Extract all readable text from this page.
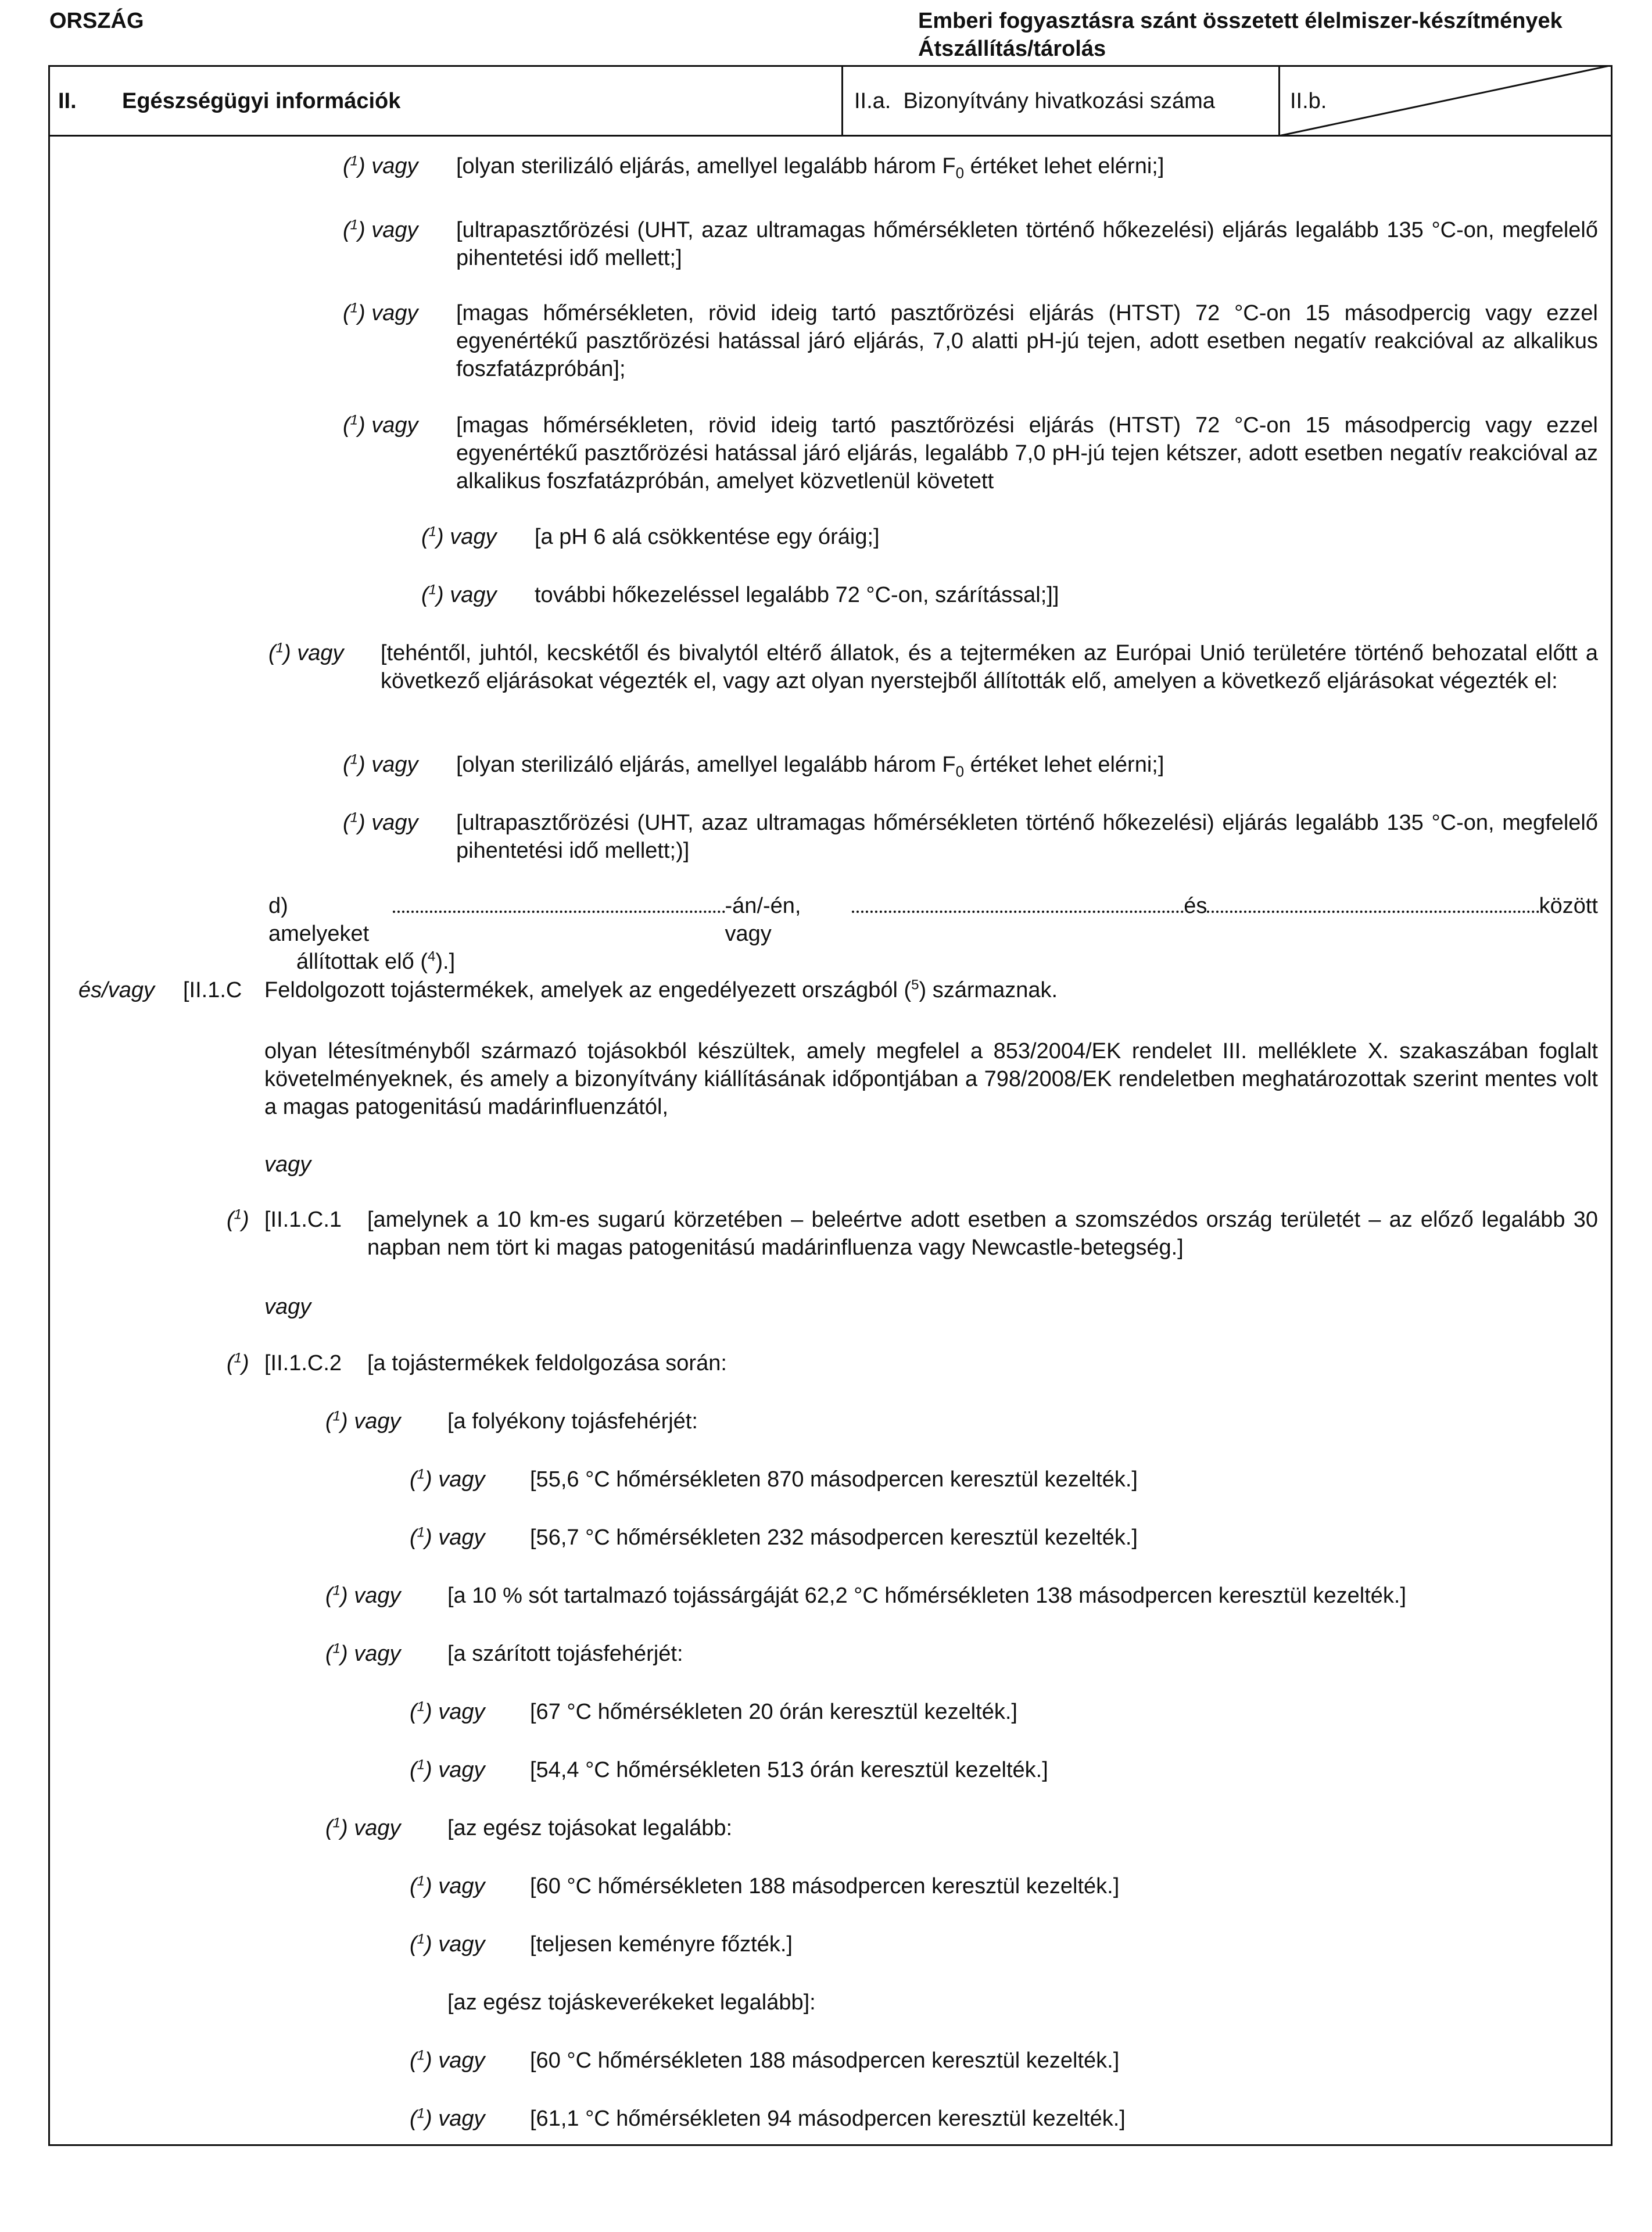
ORSZÁG	Emberi fogyasztásra szánt összetett élelmiszer-készítmények
Átszállítás/tárolás
II. Egészségügyi információk	II.a.  Bizonyítvány hivatkozási száma	II.b.
($^1$) vagy [olyan sterilizáló eljárás, amellyel legalább három $F_0$ értéket lehet elérni;]
($^1$) vagy [ultrapasztőrözési (UHT, azaz ultramagas hőmérsékleten történő hőkezelési) eljárás legalább 135 °C-on, megfelelő pihentetési idő mellett;]
($^1$) vagy [magas hőmérsékleten, rövid ideig tartó pasztőrözési eljárás (HTST) 72 °C-on 15 másodpercig vagy ezzel egyenértékű pasztőrözési hatással járó eljárás, 7,0 alatti pH-jú tejen, adott esetben negatív reakcióval az alkalikus foszfatázpróbán];
($^1$) vagy [magas hőmérsékleten, rövid ideig tartó pasztőrözési eljárás (HTST) 72 °C-on 15 másodpercig vagy ezzel egyenértékű pasztőrözési hatással járó eljárás, legalább 7,0 pH-jú tejen kétszer, adott esetben negatív reakcióval az alkalikus foszfatázpróbán, amelyet közvetlenül követett
($^1$) vagy [a pH 6 alá csökkentése egy óráig;]
($^1$) vagy további hőkezeléssel legalább 72 °C-on, szárítással;]]
($^1$) vagy [tehéntől, juhtól, kecskétől és bivalytól eltérő állatok, és a tejterméken az Európai Unió területére történő behozatal előtt a következő eljárásokat végezték el, vagy azt olyan nyerstejből állították elő, amelyen a következő eljárásokat végezték el:
($^1$) vagy [olyan sterilizáló eljárás, amellyel legalább három $F_0$ értéket lehet elérni;]
($^1$) vagy [ultrapasztőrözési (UHT, azaz ultramagas hőmérsékleten történő hőkezelési) eljárás legalább 135 °C-on, megfelelő pihentetési idő mellett;)]
d) amelyeket
-án/-én, vagy
és	között
állítottak elő ($^4$).]
és/vagy [II.1.C Feldolgozott tojástermékek, amelyek az engedélyezett országból ($^5$) származnak.
olyan létesítményből származó tojásokból készültek, amely megfelel a 853/2004/EK rendelet III. melléklete X. szakaszában foglalt követelményeknek, és amely a bizonyítvány kiállításának időpontjában a 798/2008/EK rendeletben meghatározottak szerint mentes volt a magas patogenitású madárinfluenzától,
vagy
($^1$) [II.1.C.1 [amelynek a 10 km-es sugarú körzetében – beleértve adott esetben a szomszédos ország területét – az előző legalább 30 napban nem tört ki magas patogenitású madárinfluenza vagy Newcastle-betegség.]
vagy
($^1$) [II.1.C.2 [a tojástermékek feldolgozása során:
($^1$) vagy [a folyékony tojásfehérjét:
($^1$) vagy [55,6 °C hőmérsékleten 870 másodpercen keresztül kezelték.]
($^1$) vagy [56,7 °C hőmérsékleten 232 másodpercen keresztül kezelték.]
($^1$) vagy [a 10 % sót tartalmazó tojássárgáját 62,2 °C hőmérsékleten 138 másodpercen keresztül kezelték.]
($^1$) vagy [a szárított tojásfehérjét:
($^1$) vagy [67 °C hőmérsékleten 20 órán keresztül kezelték.]
($^1$) vagy [54,4 °C hőmérsékleten 513 órán keresztül kezelték.]
($^1$) vagy [az egész tojásokat legalább:
($^1$) vagy [60 °C hőmérsékleten 188 másodpercen keresztül kezelték.]
($^1$) vagy [teljesen keményre főzték.]
[az egész tojáskeverékeket legalább]:
($^1$) vagy [60 °C hőmérsékleten 188 másodpercen keresztül kezelték.]
($^1$) vagy [61,1 °C hőmérsékleten 94 másodpercen keresztül kezelték.]
